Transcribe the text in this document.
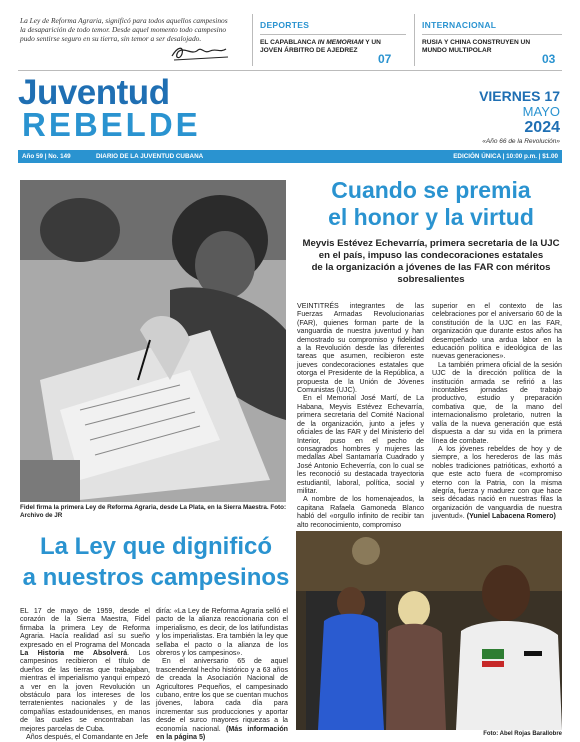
La Ley de Reforma Agraria, significó para todos aquellos campesinos
la desaparición de todo temor. Desde aquel momento todo campesino
pudo sentirse seguro en su tierra, sin temor a ser desalojado.
DEPORTES
EL CAPABLANCA IN MEMORIAM Y UN
JOVEN ÁRBITRO DE AJEDREZ
07
INTERNACIONAL
RUSIA Y CHINA CONSTRUYEN UN
MUNDO MULTIPOLAR
03
Juventud
REBELDE
VIERNES 17
MAYO
2024
«Año 66 de la Revolución»
Año 59 | No. 149	DIARIO DE LA JUVENTUD CUBANA	EDICIÓN ÚNICA | 10:00 p.m. | $1.00
Fidel firma la primera Ley de Reforma Agraria, desde La Plata, en la Sierra Maestra. Foto:
Archivo de JR
Cuando se premia
el honor y la virtud
Meyvis Estévez Echevarría, primera secretaria de la UJC
en el país, impuso las condecoraciones estatales
de la organización a jóvenes de las FAR con méritos
sobresalientes

VEINTITRÉS integrantes de las Fuerzas Armadas Revolucionarias (FAR), quienes forman parte de la vanguardia de nuestra juventud y han demostrado su compromiso y fidelidad a la Revolución desde las diferentes tareas que asumen, recibieron este jueves condecoraciones estatales que otorga el Presidente de la República, a propuesta de la Unión de Jóvenes Comunistas (UJC).

En el Memorial José Martí, de La Habana, Meyvis Estévez Echevarría, primera secretaria del Comité Nacional de la organización, junto a jefes y oficiales de las FAR y del Ministerio del Interior, puso en el pecho de consagrados hombres y mujeres las medallas Abel Santamaría Cuadrado y José Antonio Echeverría, con lo cual se les reconoció su destacada trayectoria estudiantil, laboral, política, social y militar.

A nombre de los homenajeados, la capitana Rafaela Gamoneda Blanco habló del «orgullo infinito de recibir tan alto reconocimiento, compromiso

superior en el contexto de las celebraciones por el aniversario 60 de la constitución de la UJC en las FAR, organización que durante estos años ha desempeñado una ardua labor en la educación política e ideológica de las nuevas generaciones».

La también primera oficial de la sesión UJC de la dirección política de la institución armada se refirió a las incontables jornadas de trabajo productivo, estudio y preparación combativa que, de la mano del internacionalismo proletario, nutren la valía de la nueva generación que está dispuesta a dar su vida en la primera línea de combate.

A los jóvenes rebeldes de hoy y de siempre, a los herederos de las más nobles tradiciones patrióticas, exhortó a que este acto fuera de «compromiso eterno con la Patria, con la misma alegría, fuerza y madurez con que hace seis décadas nació en nuestras filas la organización de vanguardia de nuestra juventud». (Yuniel Labacena Romero)

La Ley que dignificó
a nuestros campesinos

EL 17 de mayo de 1959, desde el corazón de la Sierra Maestra, Fidel firmaba la primera Ley de Reforma Agraria. Hacía realidad así su sueño expresado en el Programa del Moncada La Historia me Absolverá. Los campesinos recibieron el título de dueños de las tierras que trabajaban, mientras el imperialismo yanqui empezó a ver en la joven Revolución un obstáculo para los intereses de los terratenientes nacionales y de las compañías estadounidenses, en manos de las cuales se encontraban las mejores parcelas de Cuba.

Años después, el Comandante en Jefe

diría: «La Ley de Reforma Agraria selló el pacto de la alianza reaccionaria con el imperialismo, es decir, de los latifundistas y los imperialistas. Era también la ley que sellaba el pacto o la alianza de los obreros y los campesinos».

En el aniversario 65 de aquel trascendental hecho histórico y a 63 años de creada la Asociación Nacional de Agricultores Pequeños, el campesinado cubano, entre los que se cuentan muchos jóvenes, labora cada día para incrementar sus producciones y aportar desde el surco mayores riquezas a la economía nacional. (Más información en la página 5)	Foto: Abel Rojas Barallobre
